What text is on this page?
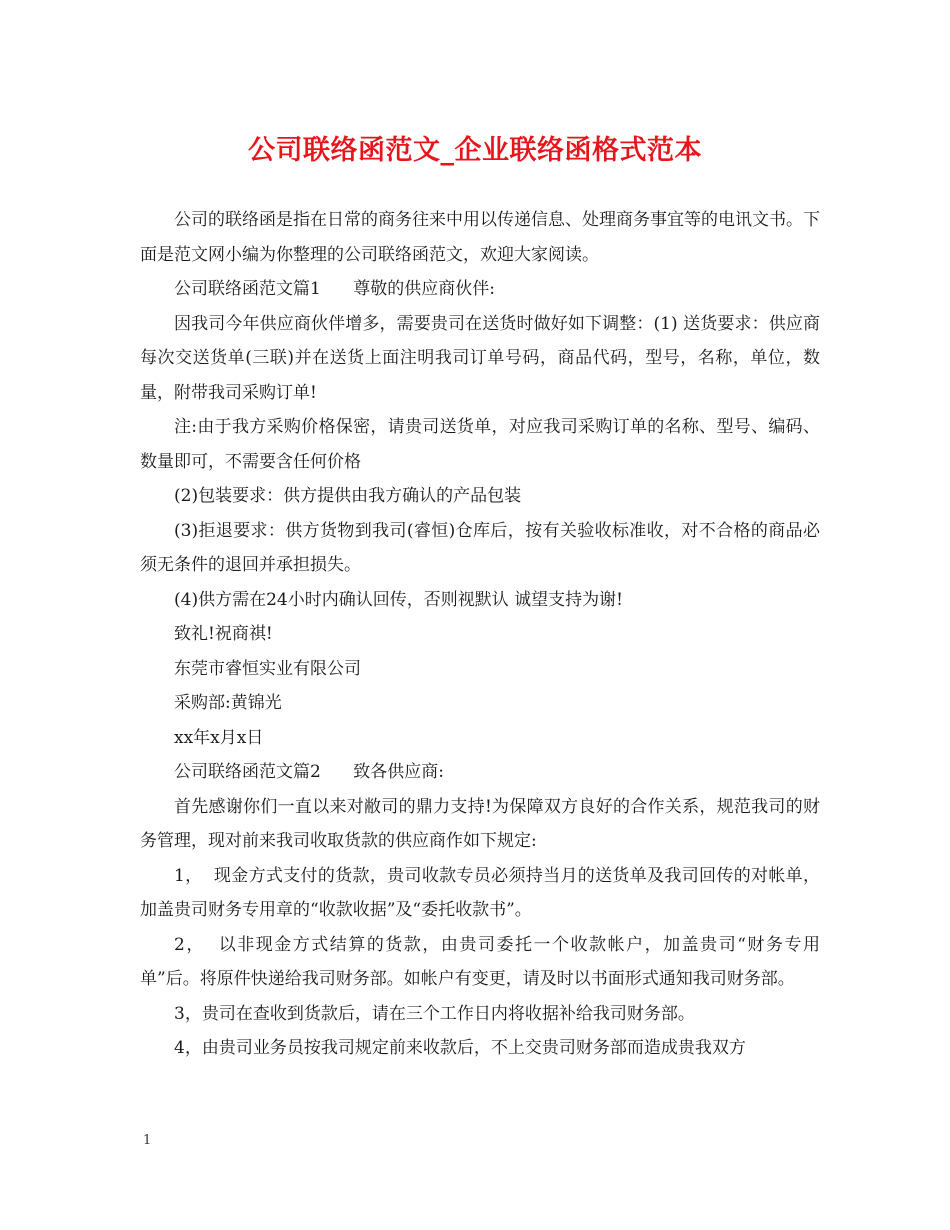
公司联络函范文_企业联络函格式范本

公司的联络函是指在日常的商务往来中用以传递信息、处理商务事宜等的电讯文书。下面是范文网小编为你整理的公司联络函范文，欢迎大家阅读。

公司联络函范文篇1      尊敬的供应商伙伴:

因我司今年供应商伙伴增多，需要贵司在送货时做好如下调整：(1) 送货要求：供应商每次交送货单(三联)并在送货上面注明我司订单号码，商品代码，型号，名称，单位，数量，附带我司采购订单!

注:由于我方采购价格保密，请贵司送货单，对应我司采购订单的名称、型号、编码、数量即可，不需要含任何价格

(2)包装要求：供方提供由我方确认的产品包装

(3)拒退要求：供方货物到我司(睿恒)仓库后，按有关验收标准收，对不合格的商品必须无条件的退回并承担损失。

(4)供方需在24小时内确认回传，否则视默认 诚望支持为谢!

致礼!祝商祺!

东莞市睿恒实业有限公司

采购部:黄锦光

xx年x月x日

公司联络函范文篇2      致各供应商:

首先感谢你们一直以来对敝司的鼎力支持!为保障双方良好的合作关系，规范我司的财务管理，现对前来我司收取货款的供应商作如下规定:

1，  现金方式支付的货款，贵司收款专员必须持当月的送货单及我司回传的对帐单，加盖贵司财务专用章的“收款收据”及“委托收款书”。

2，  以非现金方式结算的货款，由贵司委托一个收款帐户，加盖贵司“财务专用单”后。将原件快递给我司财务部。如帐户有变更，请及时以书面形式通知我司财务部。

3，贵司在查收到货款后，请在三个工作日内将收据补给我司财务部。

4，由贵司业务员按我司规定前来收款后，不上交贵司财务部而造成贵我双方

1
